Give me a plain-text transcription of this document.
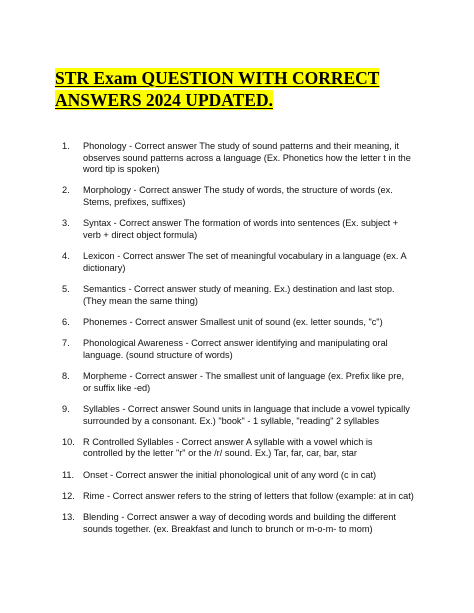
STR Exam QUESTION WITH CORRECT
ANSWERS 2024 UPDATED.
1.	Phonology - Correct answer The study of sound patterns and their meaning, it observes sound patterns across a language (Ex. Phonetics how the letter t in the word tip is spoken)
2.	Morphology - Correct answer The study of words, the structure of words (ex. Stems, prefixes, suffixes)
3.	Syntax - Correct answer The formation of words into sentences (Ex. subject + verb + direct object formula)
4.	Lexicon - Correct answer The set of meaningful vocabulary in a language (ex. A dictionary)
5.	Semantics - Correct answer study of meaning. Ex.) destination and last stop. (They mean the same thing)
6.	Phonemes - Correct answer Smallest unit of sound (ex. letter sounds, "c")
7.	Phonological Awareness - Correct answer identifying and manipulating oral language. (sound structure of words)
8.	Morpheme - Correct answer - The smallest unit of language (ex. Prefix like pre, or suffix like -ed)
9.	Syllables - Correct answer Sound units in language that include a vowel typically surrounded by a consonant. Ex.) "book" - 1 syllable, "reading" 2 syllables
10. R Controlled Syllables - Correct answer A syllable with a vowel which is controlled by the letter "r" or the /r/ sound. Ex.) Tar, far, car, bar, star
11. Onset - Correct answer the initial phonological unit of any word (c in cat)
12. Rime - Correct answer refers to the string of letters that follow (example: at in cat)
13. Blending - Correct answer a way of decoding words and building the different sounds together. (ex. Breakfast and lunch to brunch or m-o-m- to mom)
